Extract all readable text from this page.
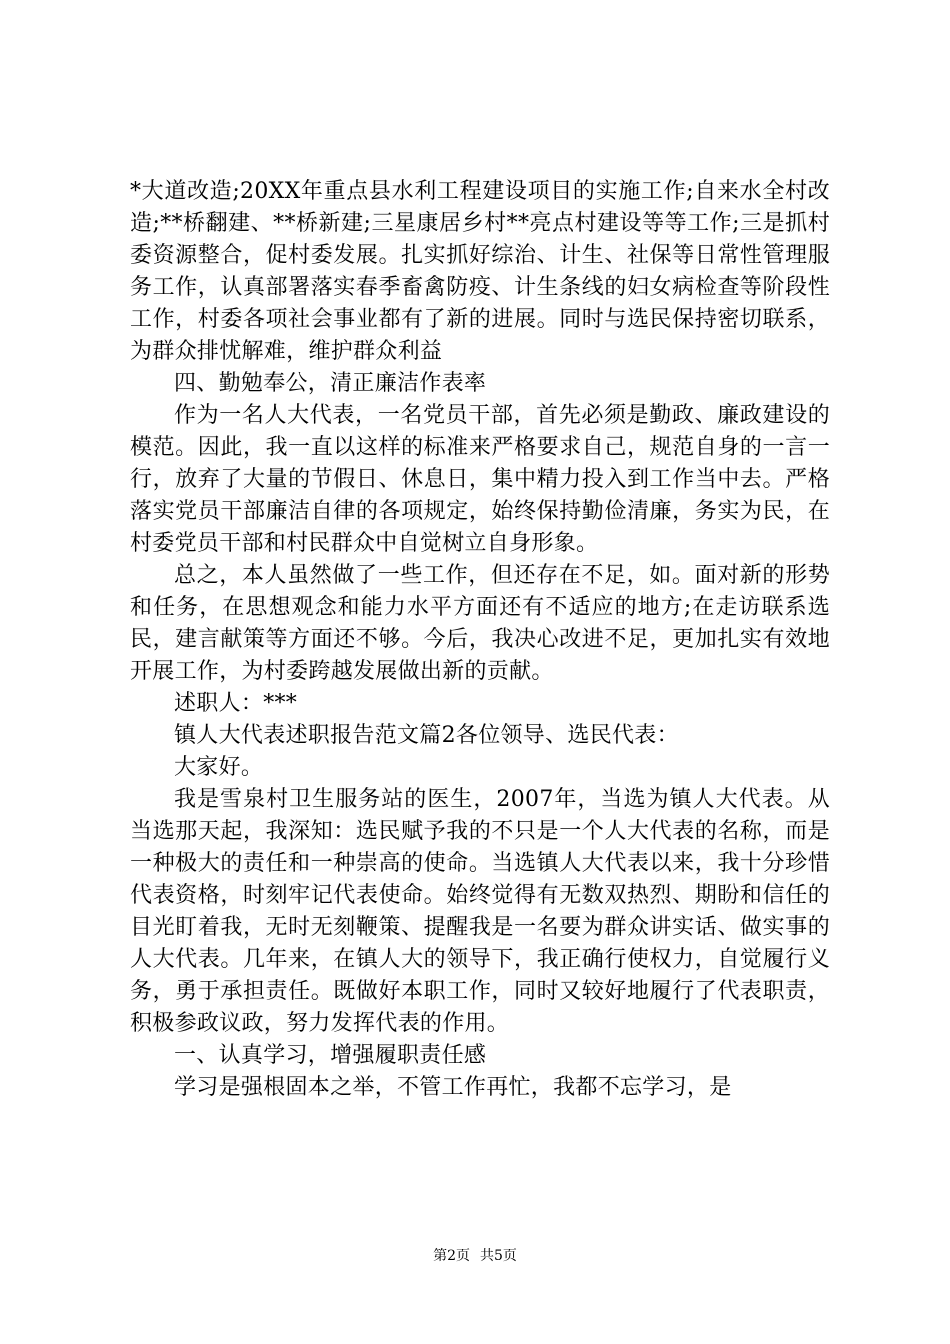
*大道改造;20XX年重点县水利工程建设项目的实施工作;自来水全村改造;**桥翻建、**桥新建;三星康居乡村**亮点村建设等等工作;三是抓村委资源整合，促村委发展。扎实抓好综治、计生、社保等日常性管理服务工作，认真部署落实春季畜禽防疫、计生条线的妇女病检查等阶段性工作，村委各项社会事业都有了新的进展。同时与选民保持密切联系，为群众排忧解难，维护群众利益

四、勤勉奉公，清正廉洁作表率

作为一名人大代表，一名党员干部，首先必须是勤政、廉政建设的模范。因此，我一直以这样的标准来严格要求自己，规范自身的一言一行，放弃了大量的节假日、休息日，集中精力投入到工作当中去。严格落实党员干部廉洁自律的各项规定，始终保持勤俭清廉，务实为民，在村委党员干部和村民群众中自觉树立自身形象。

总之，本人虽然做了一些工作，但还存在不足，如。面对新的形势和任务，在思想观念和能力水平方面还有不适应的地方;在走访联系选民，建言献策等方面还不够。今后，我决心改进不足，更加扎实有效地开展工作，为村委跨越发展做出新的贡献。

述职人：***

镇人大代表述职报告范文篇2各位领导、选民代表：

大家好。

我是雪泉村卫生服务站的医生，2007年，当选为镇人大代表。从当选那天起，我深知：选民赋予我的不只是一个人大代表的名称，而是一种极大的责任和一种崇高的使命。当选镇人大代表以来，我十分珍惜代表资格，时刻牢记代表使命。始终觉得有无数双热烈、期盼和信任的目光盯着我，无时无刻鞭策、提醒我是一名要为群众讲实话、做实事的人大代表。几年来，在镇人大的领导下，我正确行使权力，自觉履行义务，勇于承担责任。既做好本职工作，同时又较好地履行了代表职责，积极参政议政，努力发挥代表的作用。

一、认真学习，增强履职责任感

学习是强根固本之举，不管工作再忙，我都不忘学习，是

第2页 共5页
